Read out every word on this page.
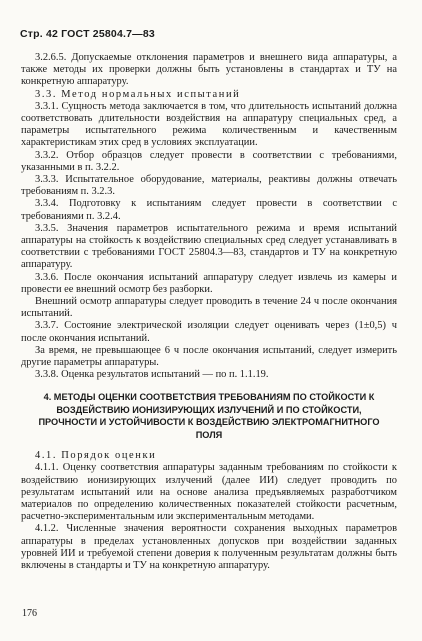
Стр. 42 ГОСТ 25804.7—83

3.2.6.5. Допускаемые отклонения параметров и внешнего вида аппаратуры, а также методы их проверки должны быть установлены в стандартах и ТУ на конкретную аппаратуру.

3.3. Метод нормальных испытаний

3.3.1. Сущность метода заключается в том, что длительность испытаний должна соответствовать длительности воздействия на аппаратуру специальных сред, а параметры испытательного режима количественным и качественным характеристикам этих сред в условиях эксплуатации.

3.3.2. Отбор образцов следует провести в соответствии с требованиями, указанными в п. 3.2.2.

3.3.3. Испытательное оборудование, материалы, реактивы должны отвечать требованиям п. 3.2.3.

3.3.4. Подготовку к испытаниям следует провести в соответствии с требованиями п. 3.2.4.

3.3.5. Значения параметров испытательного режима и время испытаний аппаратуры на стойкость к воздействию специальных сред следует устанавливать в соответствии с требованиями ГОСТ 25804.3—83, стандартов и ТУ на конкретную аппаратуру.

3.3.6. После окончания испытаний аппаратуру следует извлечь из камеры и провести ее внешний осмотр без разборки.

Внешний осмотр аппаратуры следует проводить в течение 24 ч после окончания испытаний.

3.3.7. Состояние электрической изоляции следует оценивать через (1±0,5) ч после окончания испытаний.

За время, не превышающее 6 ч после окончания испытаний, следует измерить другие параметры аппаратуры.

3.3.8. Оценка результатов испытаний — по п. 1.1.19.

4. МЕТОДЫ ОЦЕНКИ СООТВЕТСТВИЯ ТРЕБОВАНИЯМ ПО СТОЙКОСТИ К ВОЗДЕЙСТВИЮ ИОНИЗИРУЮЩИХ ИЗЛУЧЕНИЙ И ПО СТОЙКОСТИ, ПРОЧНОСТИ И УСТОЙЧИВОСТИ К ВОЗДЕЙСТВИЮ ЭЛЕКТРОМАГНИТНОГО ПОЛЯ

4.1. Порядок оценки

4.1.1. Оценку соответствия аппаратуры заданным требованиям по стойкости к воздействию ионизирующих излучений (далее ИИ) следует проводить по результатам испытаний или на основе анализа предъявляемых разработчиком материалов по определению количественных показателей стойкости расчетным, расчетно-экспериментальным или экспериментальным методами.

4.1.2. Численные значения вероятности сохранения выходных параметров аппаратуры в пределах установленных допусков при воздействии заданных уровней ИИ и требуемой степени доверия к полученным результатам должны быть включены в стандарты и ТУ на конкретную аппаратуру.

176
